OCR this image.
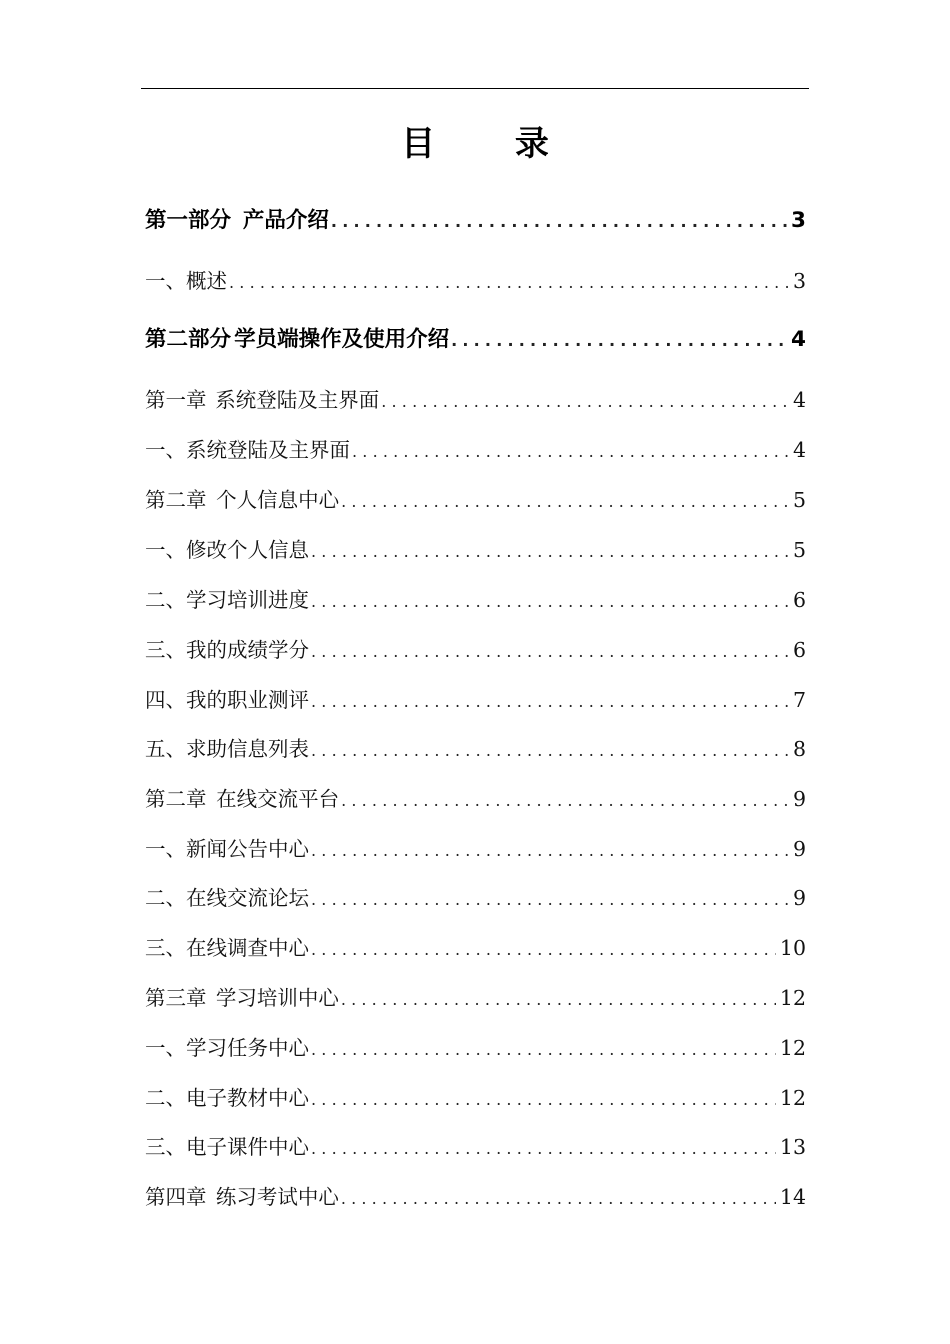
目 录
第一部分 产品介绍 .....	3
一、概述 .....	3
第二部分 学员端操作及使用介绍 .....	4
第一章 系统登陆及主界面 .....	4
一、系统登陆及主界面 .....	4
第二章 个人信息中心 .....	5
一、修改个人信息 .....	5
二、学习培训进度 .....	6
三、我的成绩学分 .....	6
四、我的职业测评 .....	7
五、求助信息列表 .....	8
第二章 在线交流平台 .....	9
一、新闻公告中心 .....	9
二、在线交流论坛 .....	9
三、在线调查中心 .....	10
第三章 学习培训中心 .....	12
一、学习任务中心 .....	12
二、电子教材中心 .....	12
三、电子课件中心 .....	13
第四章 练习考试中心 .....	14
